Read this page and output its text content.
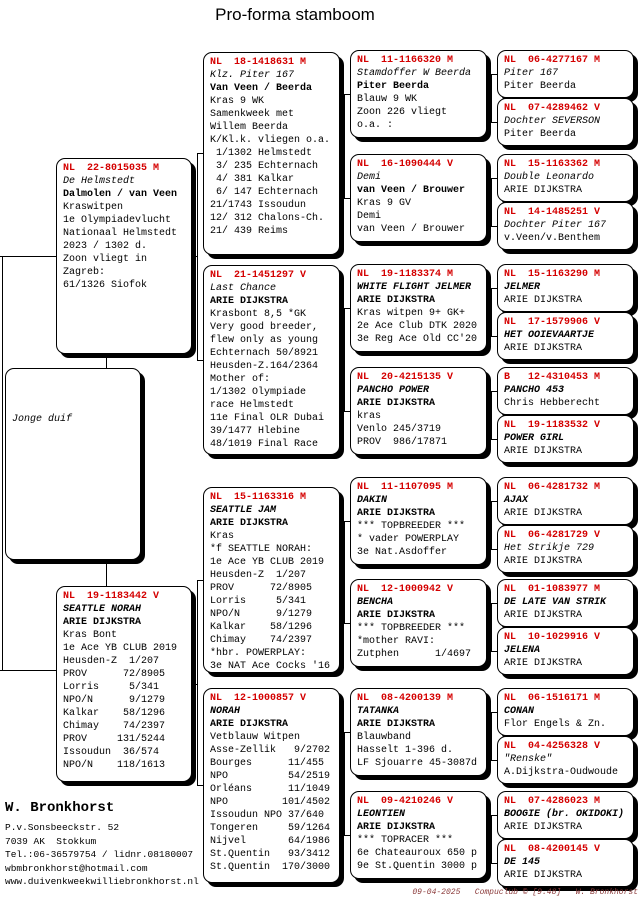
Pro-forma stamboom
NL  22-8015035 M
De Helmstedt
Dalmolen / van Veen
Kraswitpen
1e Olympiadevlucht
Nationaal Helmstedt
2023 / 1302 d.
Zoon vliegt in
Zagreb:
61/1326 Siofok
NL  19-1183442 V
SEATTLE NORAH
ARIE DIJKSTRA
Kras Bont
1e Ace YB CLUB 2019
Heusden-Z  1/207
PROV      72/8905
Lorris     5/341
NPO/N      9/1279
Kalkar    58/1296
Chimay    74/2397
PROV     131/5244
Issoudun  36/574
NPO/N    118/1613
NL  18-1418631 M
Klz. Piter 167
Van Veen / Beerda
Kras 9 WK
Samenkweek met
Willem Beerda
K/Kl.k. vliegen o.a.
1/1302 Helmstedt
3/ 235 Echternach
4/ 381 Kalkar
6/ 147 Echternach
21/1743 Issoudun
12/ 312 Chalons-Ch.
21/ 439 Reims
NL  21-1451297 V
Last Chance
ARIE DIJKSTRA
Krasbont 8,5 *GK
Very good breeder,
flew only as young
Echternach 50/8921
Heusden-Z.164/2364
Mother of:
1/1302 Olympiade
race Helmstedt
11e Final OLR Dubai
39/1477 Hlebine
48/1019 Final Race
NL  15-1163316 M
SEATTLE JAM
ARIE DIJKSTRA
Kras
*f SEATTLE NORAH:
1e Ace YB CLUB 2019
Heusden-Z  1/207
PROV      72/8905
Lorris     5/341
NPO/N      9/1279
Kalkar    58/1296
Chimay    74/2397
*hbr. POWERPLAY:
3e NAT Ace Cocks '16
NL  12-1000857 V
NORAH
ARIE DIJKSTRA
Vetblauw Witpen
Asse-Zellik   9/2702
Bourges      11/455
NPO          54/2519
Orléans      11/1049
NPO         101/4502
Issoudun NPO 37/640
Tongeren     59/1264
Nijvel       64/1986
St.Quentin   93/3412
St.Quentin  170/3000
NL  11-1166320 M
Stamdoffer W Beerda
Piter Beerda
Blauw 9 WK
Zoon 226 vliegt
o.a. :
NL  16-1090444 V
Demi
van Veen / Brouwer
Kras 9 GV
Demi
van Veen / Brouwer
NL  19-1183374 M
WHITE FLIGHT JELMER
ARIE DIJKSTRA
Kras witpen 9+ GK+
2e Ace Club DTK 2020
3e Reg Ace Old CC'20
NL  20-4215135 V
PANCHO POWER
ARIE DIJKSTRA
kras
Venlo 245/3719
PROV  986/17871
NL  11-1107095 M
DAKIN
ARIE DIJKSTRA
*** TOPBREEDER ***
* vader POWERPLAY
3e Nat.Asdoffer
NL  12-1000942 V
BENCHA
ARIE DIJKSTRA
*** TOPBREEDER ***
*mother RAVI:
Zutphen      1/4697
NL  08-4200139 M
TATANKA
ARIE DIJKSTRA
Blauwband
Hasselt 1-396 d.
LF Sjouarre 45-3087d
NL  09-4210246 V
LEONTIEN
ARIE DIJKSTRA
*** TOPRACER ***
6e Chateauroux 650 p
9e St.Quentin 3000 p
NL  06-4277167 M
Piter 167
Piter Beerda
NL  07-4289462 V
Dochter SEVERSON
Piter Beerda
NL  15-1163362 M
Double Leonardo
ARIE DIJKSTRA
NL  14-1485251 V
Dochter Piter 167
v.Veen/v.Benthem
NL  15-1163290 M
JELMER
ARIE DIJKSTRA
NL  17-1579906 V
HET OOIEVAARTJE
ARIE DIJKSTRA
B   12-4310453 M
PANCHO 453
Chris Hebberecht
NL  19-1183532 V
POWER GIRL
ARIE DIJKSTRA
NL  06-4281732 M
AJAX
ARIE DIJKSTRA
NL  06-4281729 V
Het Strikje 729
ARIE DIJKSTRA
NL  01-1083977 M
DE LATE VAN STRIK
ARIE DIJKSTRA
NL  10-1029916 V
JELENA
ARIE DIJKSTRA
NL  06-1516171 M
CONAN
Flor Engels & Zn.
NL  04-4256328 V
"Renske"
A.Dijkstra-Oudwoude
NL  07-4286023 M
BOOGIE (br. OKIDOKI)
ARIE DIJKSTRA
NL  08-4200145 V
DE 145
ARIE DIJKSTRA

Jonge duif

W. Bronkhorst
P.v.Sonsbeeckstr. 52
7039 AK  Stokkum
Tel.:06-36579754 / lidnr.08180007
wbmbronkhorst@hotmail.com
www.duivenkweekwilliebronkhorst.nl
09-04-2025   Compuclub © [9.48]   W. Bronkhorst
